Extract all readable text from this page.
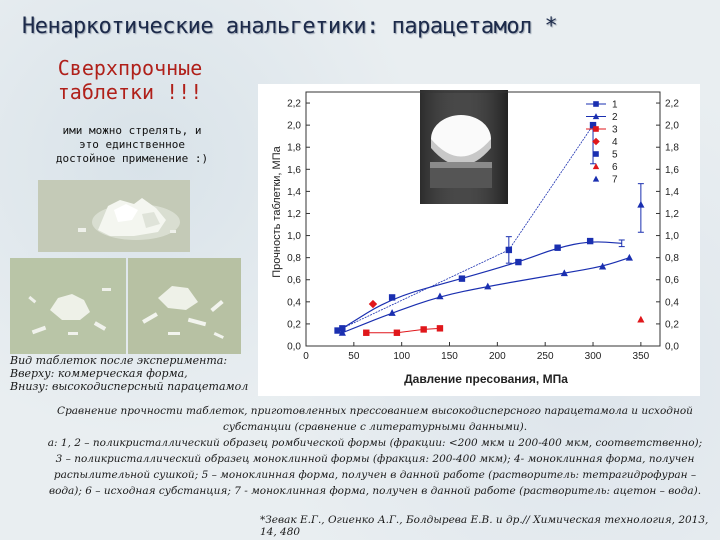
Ненаркотические анальгетики: парацетамол *
Сверхпрочные
таблетки !!!
ими можно стрелять, и
это единственное
достойное применение :)
Вид таблеток после эксперимента:
Вверху: коммерческая форма,
Внизу: высокодисперсный парацетамол
0	50	100	150	200	250	300	350
0,0	0,0
0,2	0,2
0,4	0,4
0,6	0,6
0,8	0,8
1,0	1,0
1,2	1,2
1,4	1,4
1,6	1,6
1,8	1,8
2,0	2,0
2,2	2,2
1
2
3
4
5
6
7
Давление пресования, МПа
Прочность таблетки, МПа
Сравнение прочности таблеток, приготовленных прессованием высокодисперсного парацетамола и исходной
субстанции (сравнение с литературными данными).
а: 1, 2 – поликристаллический образец ромбической формы (фракции: <200 мкм и 200-400 мкм, соответственно);
3 – поликристаллический образец моноклинной формы (фракция: 200-400 мкм); 4- моноклинная форма, получен
распылительной сушкой; 5 – моноклинная форма, получен в данной работе (растворитель: тетрагидрофуран –
вода); 6 – исходная субстанция; 7 - моноклинная форма, получен в данной работе (растворитель: ацетон – вода).
*Зевак Е.Г., Огиенко А.Г., Болдырева Е.В. и др.// Химическая технология, 2013, 14, 480
